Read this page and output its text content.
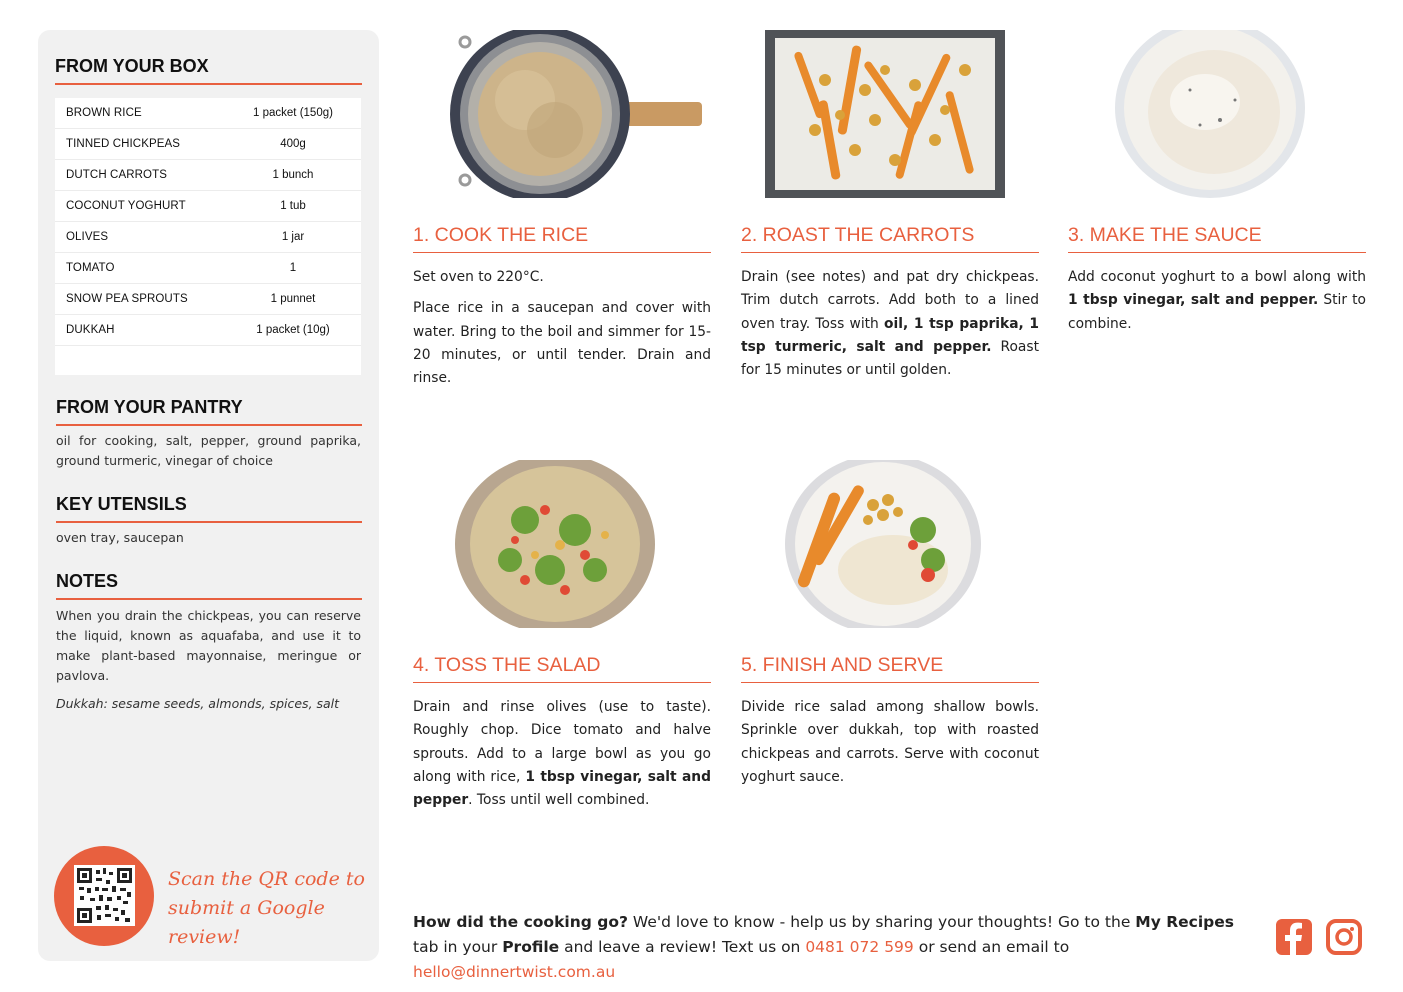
FROM YOUR BOX
BROWN RICE	1 packet (150g)
TINNED CHICKPEAS	400g
DUTCH CARROTS	1 bunch
COCONUT YOGHURT	1 tub
OLIVES	1 jar
TOMATO	1
SNOW PEA SPROUTS	1 punnet
DUKKAH	1 packet (10g)
FROM YOUR PANTRY
oil for cooking, salt, pepper, ground paprika, ground turmeric, vinegar of choice
KEY UTENSILS
oven tray, saucepan
NOTES
When you drain the chickpeas, you can reserve the liquid, known as aquafaba, and use it to make plant-based mayonnaise, meringue or pavlova.
Dukkah: sesame seeds, almonds, spices, salt
Scan the QR code to
submit a Google review!
1. COOK THE RICE

Set oven to 220°C.

Place rice in a saucepan and cover with water. Bring to the boil and simmer for 15-20 minutes, or until tender. Drain and rinse.

2. ROAST THE CARROTS

Drain (see notes) and pat dry chickpeas. Trim dutch carrots. Add both to a lined oven tray. Toss with oil, 1 tsp paprika, 1 tsp turmeric, salt and pepper. Roast for 15 minutes or until golden.

3. MAKE THE SAUCE

Add coconut yoghurt to a bowl along with 1 tbsp vinegar, salt and pepper. Stir to combine.

4. TOSS THE SALAD

Drain and rinse olives (use to taste). Roughly chop. Dice tomato and halve sprouts. Add to a large bowl as you go along with rice, 1 tbsp vinegar, salt and pepper. Toss until well combined.

5. FINISH AND SERVE

Divide rice salad among shallow bowls. Sprinkle over dukkah, top with roasted chickpeas and carrots. Serve with coconut yoghurt sauce.

How did the cooking go? We'd love to know - help us by sharing your thoughts! Go to the My Recipes tab in your Profile and leave a review! Text us on 0481 072 599 or send an email to hello@dinnertwist.com.au
